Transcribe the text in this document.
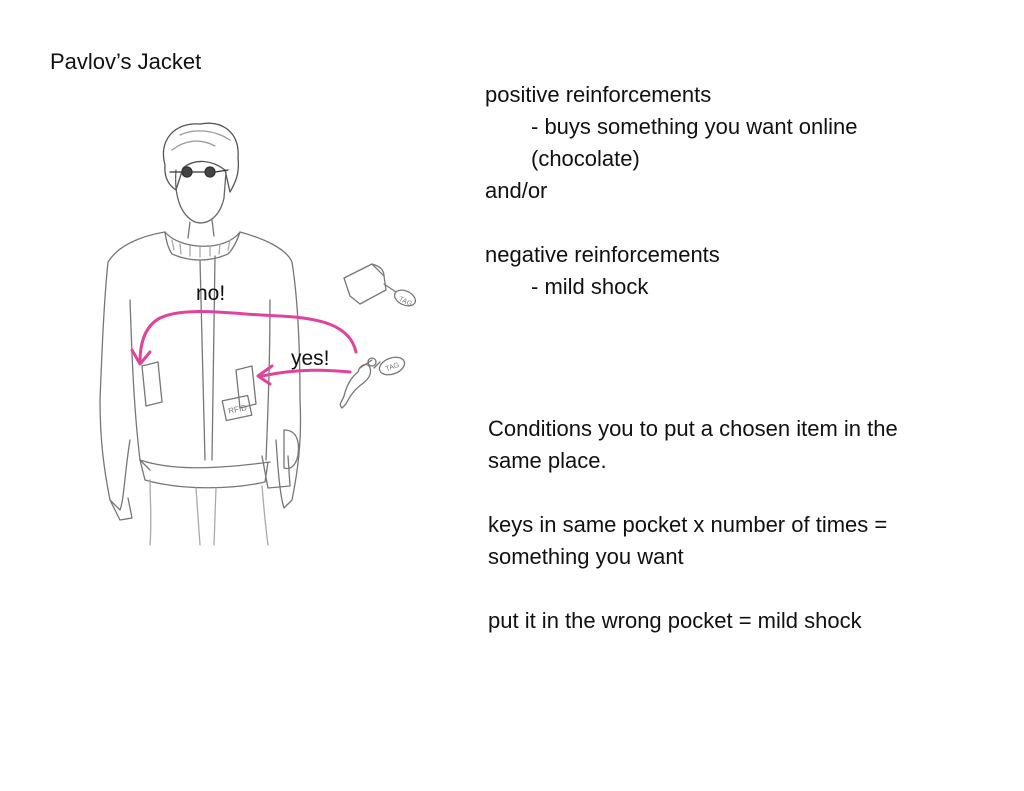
Pavlov’s Jacket
TAG
TAG
RFID
no!
yes!
positive reinforcements
- buys something you want online
(chocolate)
and/or
negative reinforcements
- mild shock
Conditions you to put a chosen item in the
same place.
keys in same pocket x number of times =
something you want
put it in the wrong pocket = mild shock
